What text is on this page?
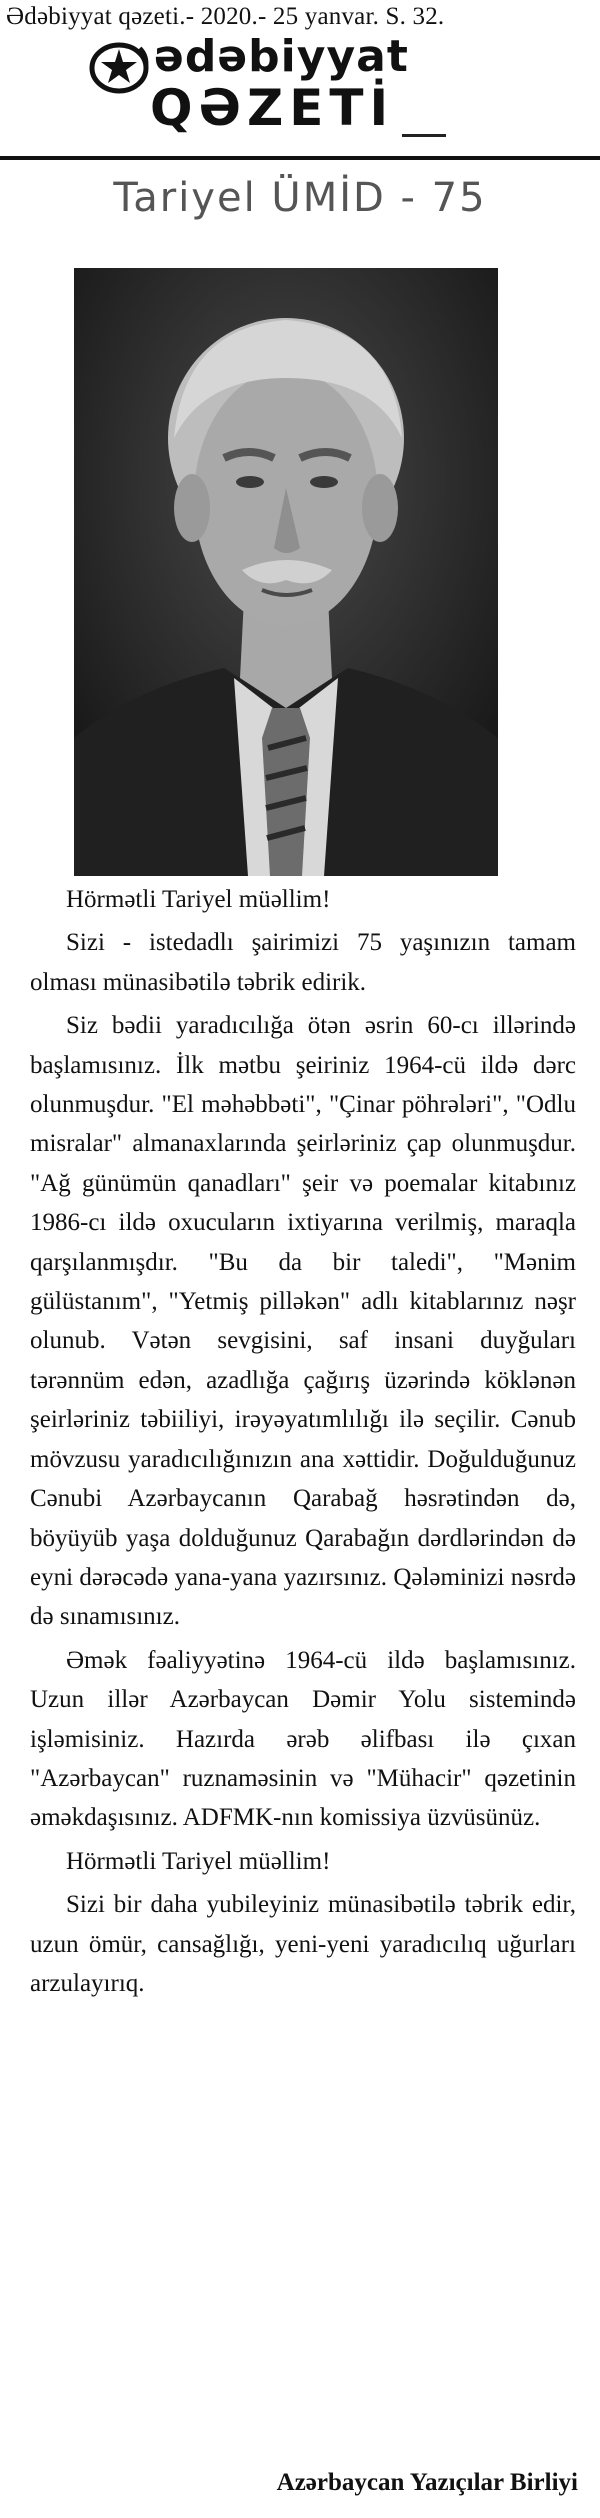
Ədəbiyyat qəzeti.- 2020.- 25 yanvar. S. 32.
ədəbiyyat
QƏZETİ
Tariyel ÜMİD - 75

Hörmətli Tariyel müəllim!

Sizi - istedadlı şairimizi 75 yaşınızın tamam olması münasibətilə təbrik edirik.

Siz bədii yaradıcılığa ötən əsrin 60-cı illərində başlamısınız. İlk mətbu şeiriniz 1964-cü ildə dərc olunmuşdur. "El məhəbbəti", "Çinar pöhrələri", "Odlu misralar" almanaxlarında şeirləriniz çap olunmuşdur. "Ağ günümün qanadları" şeir və poemalar kitabınız 1986-cı ildə oxucuların ixtiyarına verilmiş, maraqla qarşılanmışdır. "Bu da bir taledi", "Mənim gülüstanım", "Yetmiş pilləkən" adlı kitablarınız nəşr olunub. Vətən sevgisini, saf insani duyğuları tərənnüm edən, azadlığa çağırış üzərində köklənən şeirləriniz təbiiliyi, irəyəyatımlılığı ilə seçilir. Cənub mövzusu yaradıcılığınızın ana xəttidir. Doğulduğunuz Cənubi Azərbaycanın Qarabağ həsrətindən də, böyüyüb yaşa dolduğunuz Qarabağın dərdlərindən də eyni dərəcədə yana-yana yazırsınız. Qələminizi nəsrdə də sınamısınız.

Əmək fəaliyyətinə 1964-cü ildə başlamısınız. Uzun illər Azərbaycan Dəmir Yolu sistemində işləmisiniz. Hazırda ərəb əlifbası ilə çıxan "Azərbaycan" ruznaməsinin və "Mühacir" qəzetinin əməkdaşısınız. ADFMK-nın komissiya üzvüsünüz.

Hörmətli Tariyel müəllim!

Sizi bir daha yubileyiniz münasibətilə təbrik edir, uzun ömür, cansağlığı, yeni-yeni yaradıcılıq uğurları arzulayırıq.

Azərbaycan Yazıçılar Birliyi
